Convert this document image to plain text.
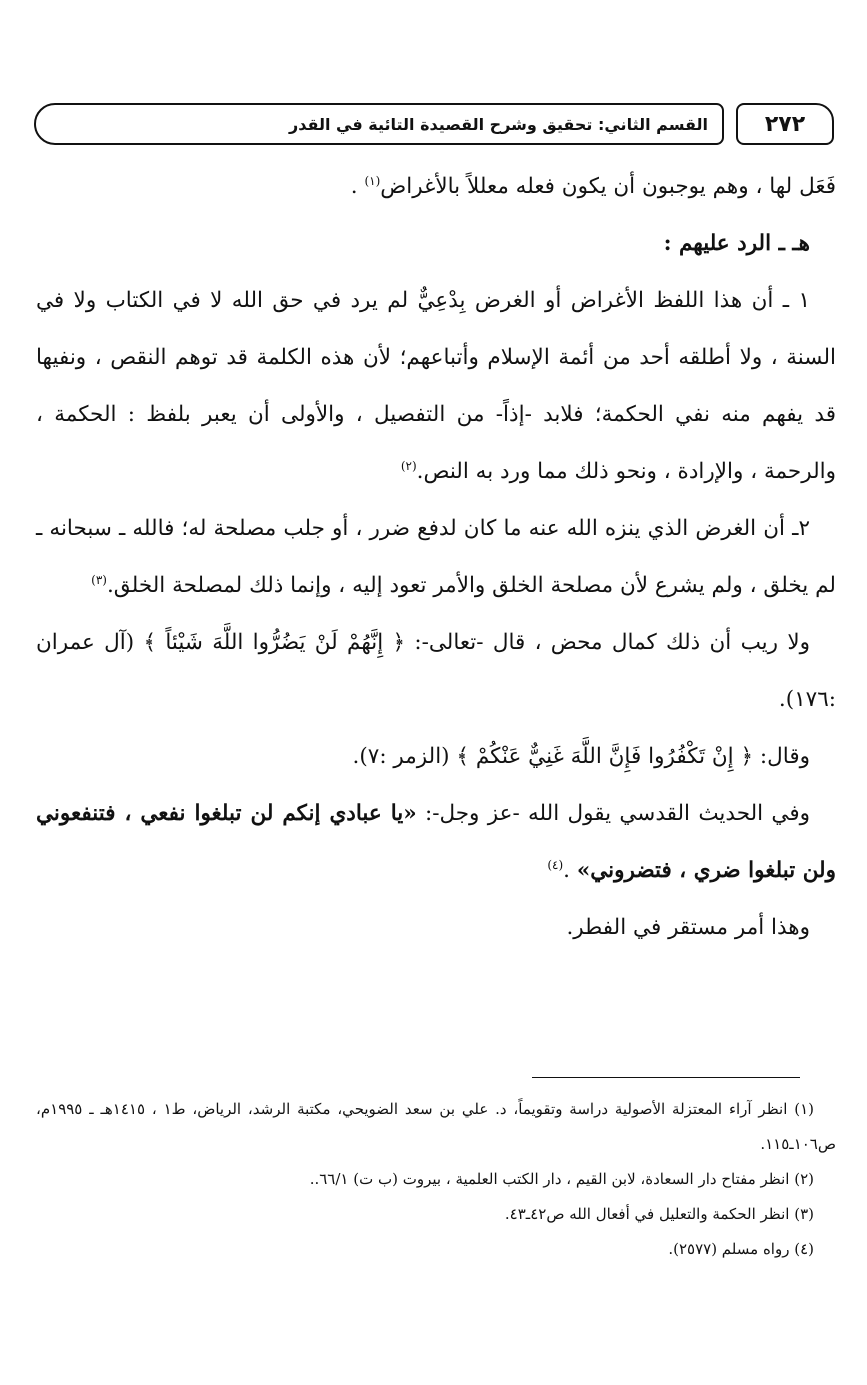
القسم الثاني: تحقيق وشرح القصيدة التائية في القدر	٢٧٢

فَعَل لها ، وهم يوجبون أن يكون فعله معللاً بالأغراض$^{(١)}$ .

هـ ـ الرد عليهم :

١ ـ أن هذا اللفظ الأغراض أو الغرض بِدْعِيٌّ لم يرد في حق الله لا في الكتاب ولا في السنة ، ولا أطلقه أحد من أئمة الإسلام وأتباعهم؛ لأن هذه الكلمة قد توهم النقص ، ونفيها قد يفهم منه نفي الحكمة؛ فلابد -إذاً- من التفصيل ، والأولى أن يعبر بلفظ : الحكمة ، والرحمة ، والإرادة ، ونحو ذلك مما ورد به النص.$^{(٢)}$

٢ـ أن الغرض الذي ينزه الله عنه ما كان لدفع ضرر ، أو جلب مصلحة له؛ فالله ـ سبحانه ـ لم يخلق ، ولم يشرع لأن مصلحة الخلق والأمر تعود إليه ، وإنما ذلك لمصلحة الخلق.$^{(٣)}$

ولا ريب أن ذلك كمال محض ، قال -تعالى-: ﴿ إِنَّهُمْ لَنْ يَضُرُّوا اللَّهَ شَيْئاً ﴾ (آل عمران :١٧٦).

وقال: ﴿ إِنْ تَكْفُرُوا فَإِنَّ اللَّهَ غَنِيٌّ عَنْكُمْ ﴾ (الزمر :٧).

وفي الحديث القدسي يقول الله -عز وجل-: «يا عبادي إنكم لن تبلغوا نفعي ، فتنفعوني ولن تبلغوا ضري ، فتضروني» .$^{(٤)}$

وهذا أمر مستقر في الفطر.

(١) انظر آراء المعتزلة الأصولية دراسة وتقويماً، د. علي بن سعد الضويحي، مكتبة الرشد، الرياض، ط١ ، ١٤١٥هـ ـ ١٩٩٥م، ص١٠٦ـ١١٥.

(٢) انظر مفتاح دار السعادة، لابن القيم ، دار الكتب العلمية ، بيروت (ب ت) ٦٦/١..

(٣) انظر الحكمة والتعليل في أفعال الله ص٤٢ـ٤٣.

(٤) رواه مسلم (٢٥٧٧).
